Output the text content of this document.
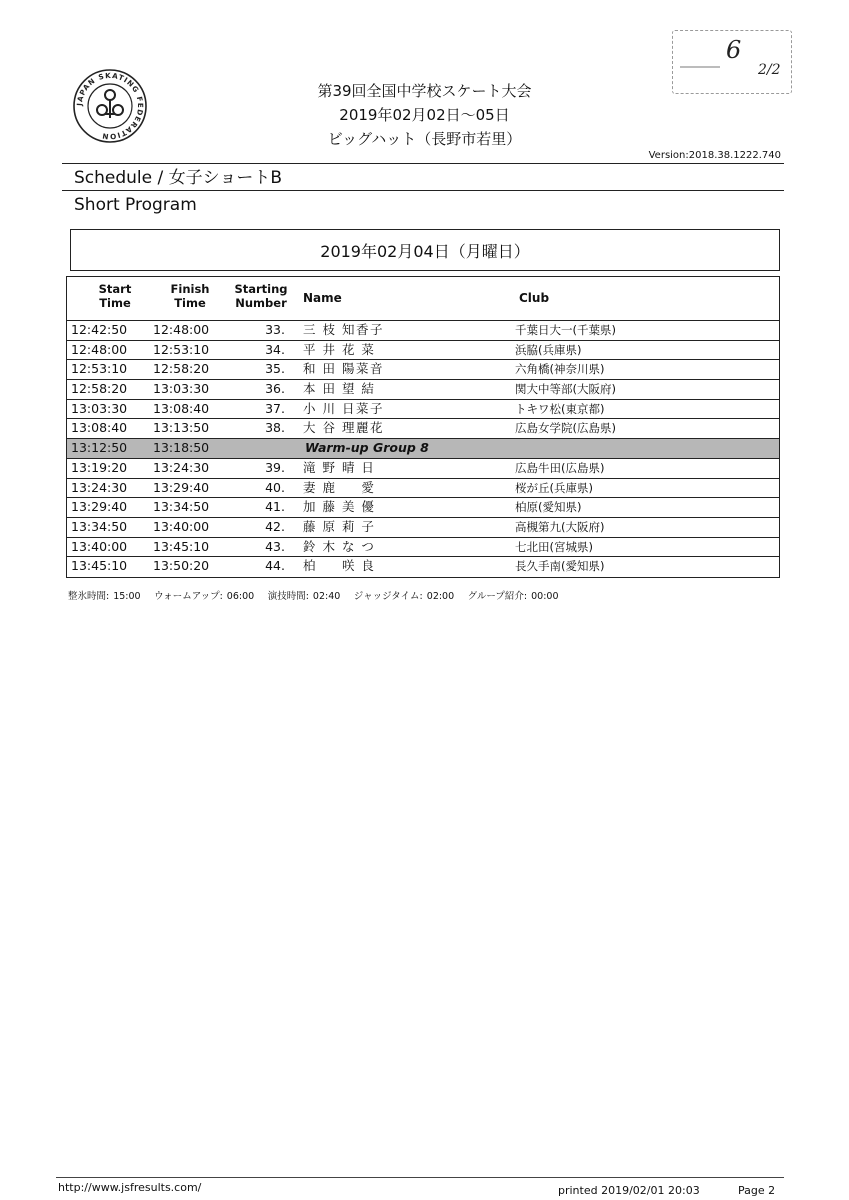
6
2/2
JAPAN SKATING FEDERATION
第39回全国中学校スケート大会
2019年02月02日～05日
ビッグハット（長野市若里）
Version:2018.38.1222.740
Schedule / 女子ショートB
Short Program
2019年02月04日（月曜日）
Start
Time
Finish
Time
Starting
Number	Name	Club
12:42:50 12:48:00	33. 三 枝 知香子	千葉日大一(千葉県)
12:48:00 12:53:10	34. 平 井 花 菜	浜脇(兵庫県)
12:53:10 12:58:20	35. 和 田 陽菜音	六角橋(神奈川県)
12:58:20 13:03:30	36. 本 田 望 結	関大中等部(大阪府)
13:03:30 13:08:40	37. 小 川 日菜子	トキワ松(東京都)
13:08:40 13:13:50	38. 大 谷 理麗花	広島女学院(広島県)
13:12:50 13:18:50	Warm-up Group 8
13:19:20 13:24:30	39. 滝 野 晴 日	広島牛田(広島県)
13:24:30 13:29:40	40. 妻 鹿 　 愛	桜が丘(兵庫県)
13:29:40 13:34:50	41. 加 藤 美 優	柏原(愛知県)
13:34:50 13:40:00	42. 藤 原 莉 子	高槻第九(大阪府)
13:40:00 13:45:10	43. 鈴 木 な つ	七北田(宮城県)
13:45:10 13:50:20	44. 柏 　 咲 良	長久手南(愛知県)
整氷時間: 15:00　 ウォームアップ: 06:00　 演技時間: 02:40　 ジャッジタイム: 02:00　 グループ紹介: 00:00
http://www.jsfresults.com/	printed 2019/02/01 20:03	Page 2
